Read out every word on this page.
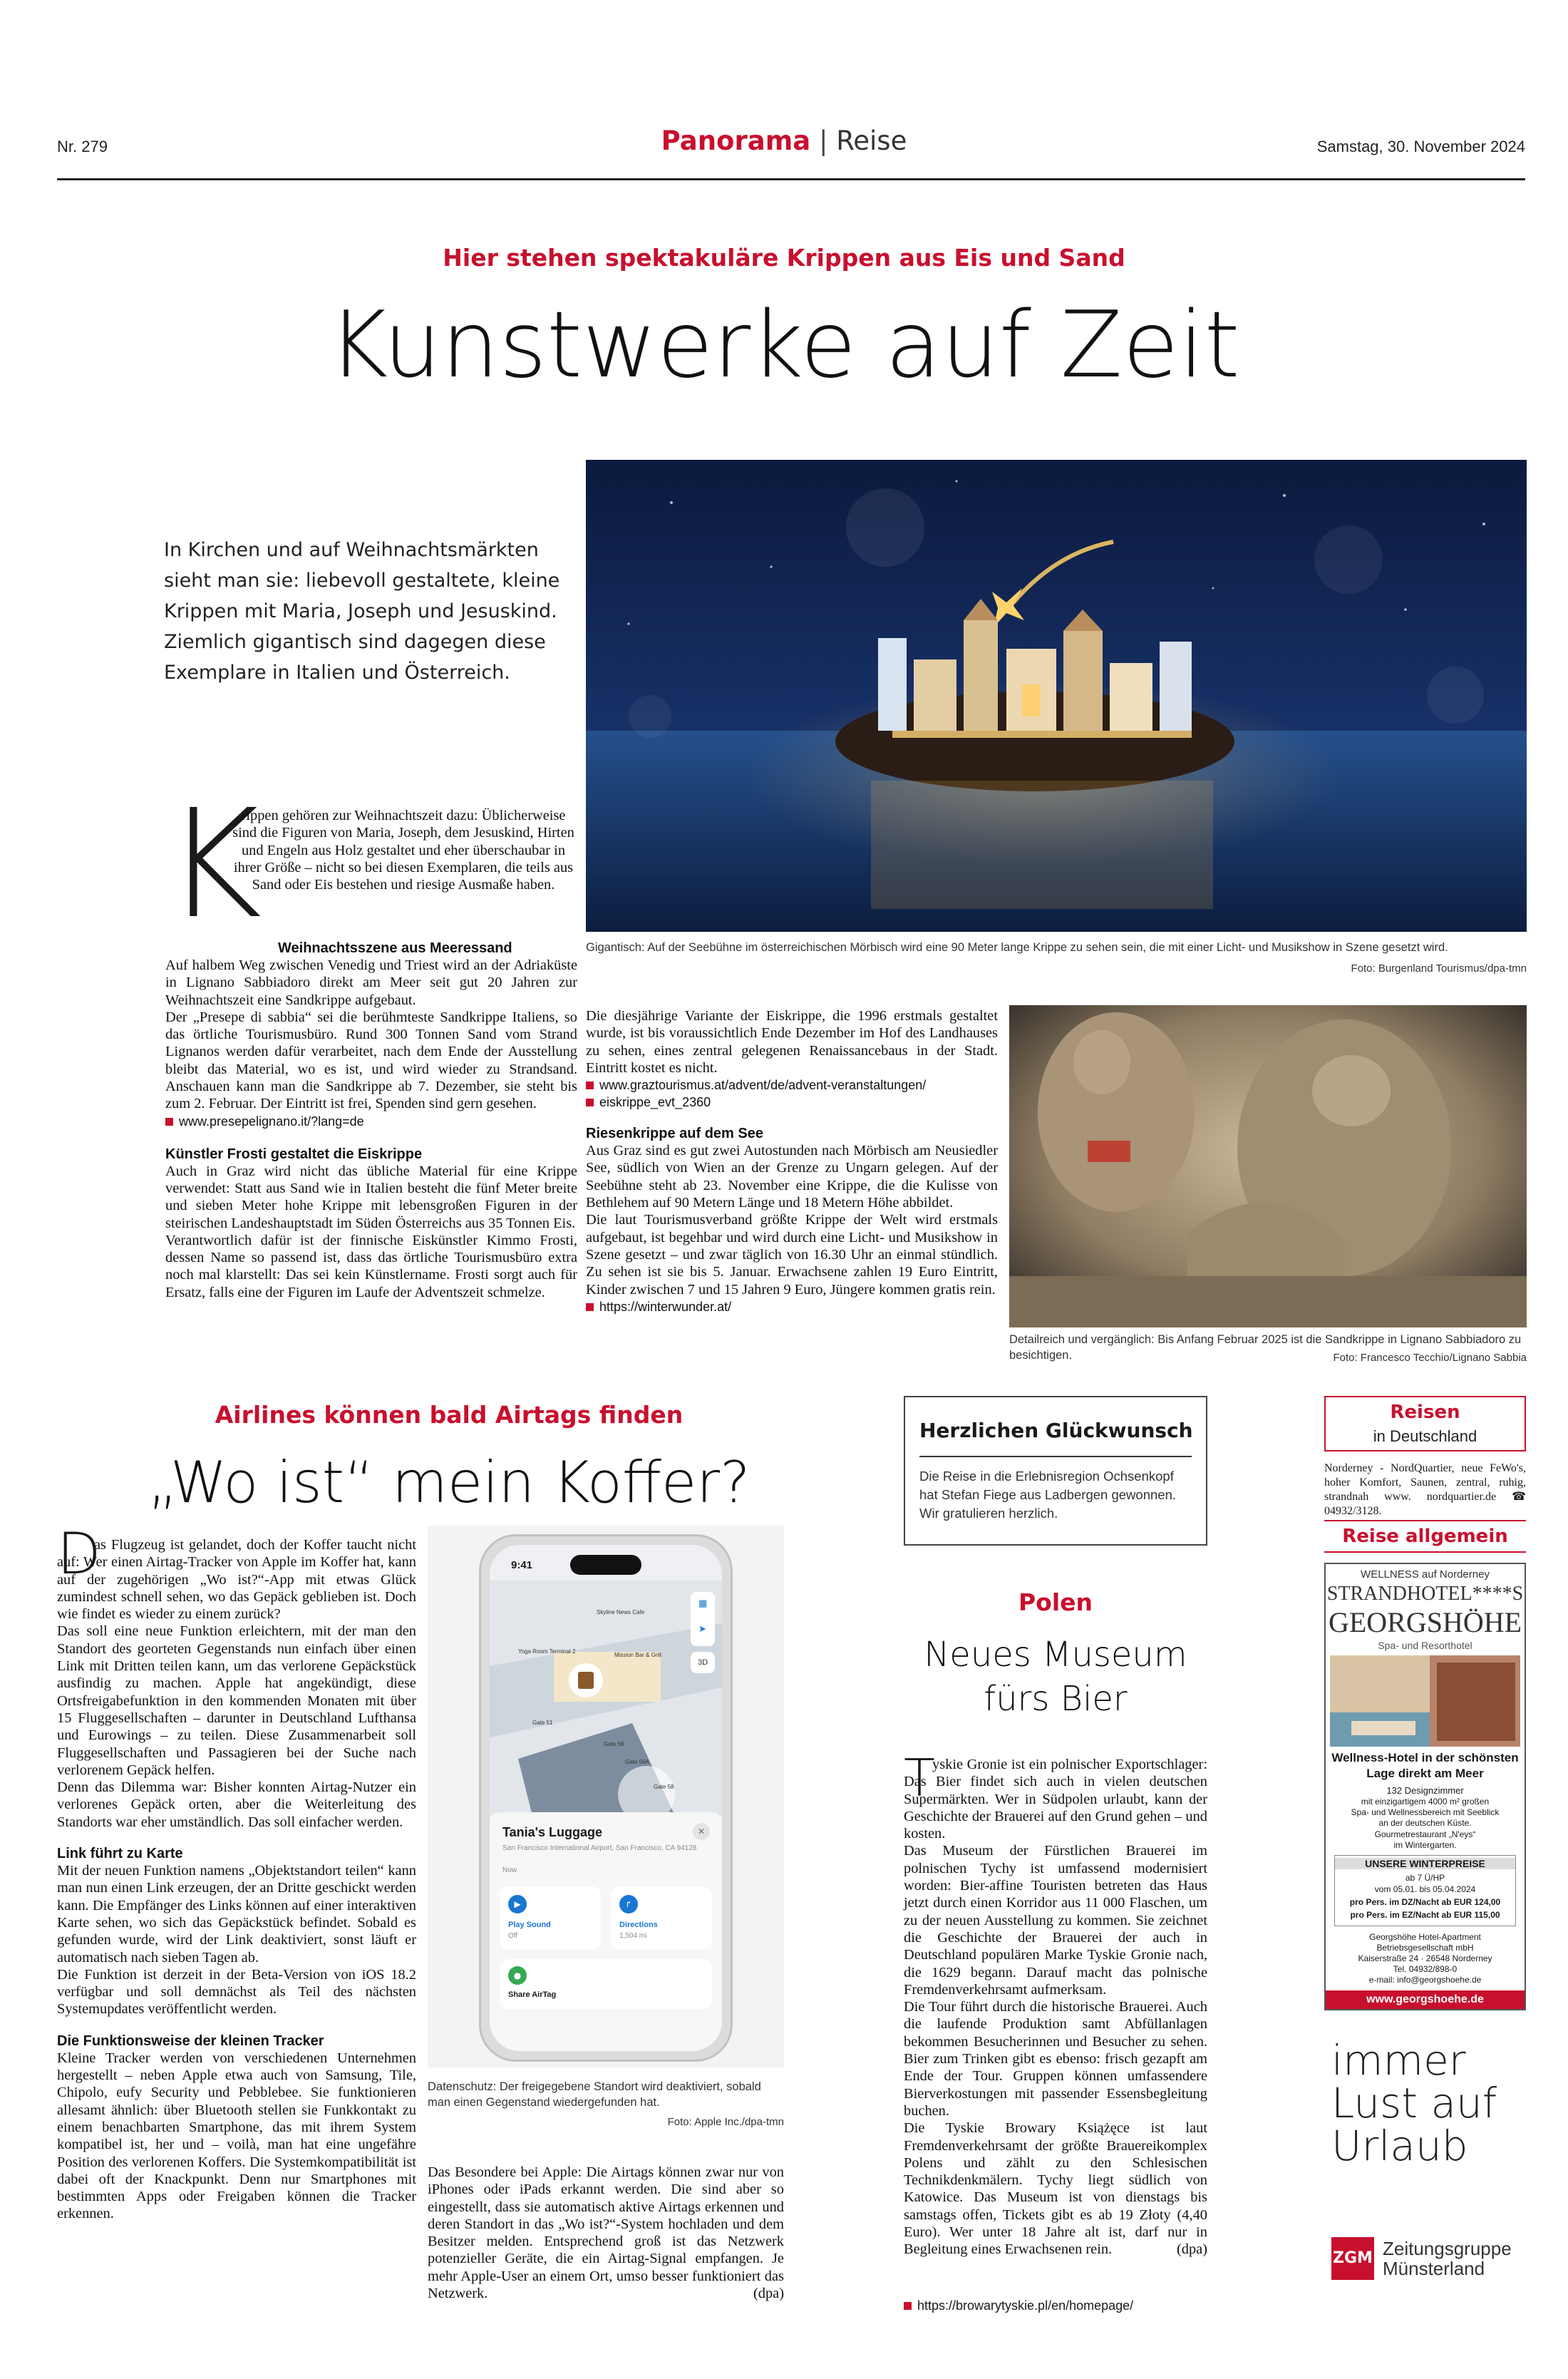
Nr. 279	Panorama | Reise	Samstag, 30. November 2024
Hier stehen spektakuläre Krippen aus Eis und Sand
Kunstwerke auf Zeit
In Kirchen und auf Weihnachtsmärkten sieht man sie: liebevoll gestaltete, kleine Krippen mit Maria, Joseph und Jesuskind. Ziemlich gigantisch sind dagegen diese Exemplare in Italien und Österreich.
K
rippen gehören zur Weihnachtszeit dazu: Üblicherweise sind die Figuren von Maria, Joseph, dem Jesuskind, Hirten und Engeln aus Holz gestaltet und eher überschaubar in ihrer Größe – nicht so bei diesen Exemplaren, die teils aus Sand oder Eis bestehen und riesige Ausmaße haben.
Weihnachtsszene aus Meeressand

Auf halbem Weg zwischen Venedig und Triest wird an der Adriaküste in Lignano Sabbiadoro direkt am Meer seit gut 20 Jahren zur Weihnachtszeit eine Sandkrippe aufgebaut.

Der „Presepe di sabbia“ sei die berühmteste Sandkrippe Italiens, so das örtliche Tourismusbüro. Rund 300 Tonnen Sand vom Strand Lignanos werden dafür verarbeitet, nach dem Ende der Ausstellung bleibt das Material, wo es ist, und wird wieder zu Strandsand. Anschauen kann man die Sandkrippe ab 7. Dezember, sie steht bis zum 2. Februar. Der Eintritt ist frei, Spenden sind gern gesehen.

www.presepelignano.it/?lang=de
Künstler Frosti gestaltet die Eiskrippe

Auch in Graz wird nicht das übliche Material für eine Krippe verwendet: Statt aus Sand wie in Italien besteht die fünf Meter breite und sieben Meter hohe Krippe mit lebensgroßen Figuren in der steirischen Landeshauptstadt im Süden Österreichs aus 35 Tonnen Eis.

Verantwortlich dafür ist der finnische Eiskünstler Kimmo Frosti, dessen Name so passend ist, dass das örtliche Tourismusbüro extra noch mal klarstellt: Das sei kein Künstlername. Frosti sorgt auch für Ersatz, falls eine der Figuren im Laufe der Adventszeit schmelze.

Gigantisch: Auf der Seebühne im österreichischen Mörbisch wird eine 90 Meter lange Krippe zu sehen sein, die mit einer Licht- und Musikshow in Szene gesetzt wird.
Foto: Burgenland Tourismus/dpa-tmn

Die diesjährige Variante der Eiskrippe, die 1996 erstmals gestaltet wurde, ist bis voraussichtlich Ende Dezember im Hof des Landhauses zu sehen, eines zentral gelegenen Renaissancebaus in der Stadt. Eintritt kostet es nicht.

www.graztourismus.at/advent/de/advent-veranstaltungen/
eiskrippe_evt_2360
Riesenkrippe auf dem See

Aus Graz sind es gut zwei Autostunden nach Mörbisch am Neusiedler See, südlich von Wien an der Grenze zu Ungarn gelegen. Auf der Seebühne steht ab 23. November eine Krippe, die die Kulisse von Bethlehem auf 90 Metern Länge und 18 Metern Höhe abbildet.

Die laut Tourismusverband größte Krippe der Welt wird erstmals aufgebaut, ist begehbar und wird durch eine Licht- und Musikshow in Szene gesetzt – und zwar täglich von 16.30 Uhr an einmal stündlich. Zu sehen ist sie bis 5. Januar. Erwachsene zahlen 19 Euro Eintritt, Kinder zwischen 7 und 15 Jahren 9 Euro, Jüngere kommen gratis rein.

https://winterwunder.at/
Detailreich und vergänglich: Bis Anfang Februar 2025 ist die Sandkrippe in Lignano Sabbiadoro zu besichtigen.	Foto: Francesco Tecchio/Lignano Sabbia
Airlines können bald Airtags finden
„Wo ist“ mein Koffer?
D

as Flugzeug ist gelandet, doch der Koffer taucht nicht auf: Wer einen Airtag-Tracker von Apple im Koffer hat, kann auf der zugehörigen „Wo ist?“-App mit etwas Glück zumindest schnell sehen, wo das Gepäck geblieben ist. Doch wie findet es wieder zu einem zurück?

Das soll eine neue Funktion erleichtern, mit der man den Standort des georteten Gegenstands nun einfach über einen Link mit Dritten teilen kann, um das verlorene Gepäckstück ausfindig zu machen. Apple hat angekündigt, diese Ortsfreigabefunktion in den kommenden Monaten mit über 15 Fluggesellschaften – darunter in Deutschland Lufthansa und Eurowings – zu teilen. Diese Zusammenarbeit soll Fluggesellschaften und Passagieren bei der Suche nach verlorenem Gepäck helfen.

Denn das Dilemma war: Bisher konnten Airtag-Nutzer ein verlorenes Gepäck orten, aber die Weiterleitung des Standorts war eher umständlich. Das soll einfacher werden.

Link führt zu Karte

Mit der neuen Funktion namens „Objektstandort teilen“ kann man nun einen Link erzeugen, der an Dritte geschickt werden kann. Die Empfänger des Links können auf einer interaktiven Karte sehen, wo sich das Gepäckstück befindet. Sobald es gefunden wurde, wird der Link deaktiviert, sonst läuft er automatisch nach sieben Tagen ab.

Die Funktion ist derzeit in der Beta-Version von iOS 18.2 verfügbar und soll demnächst als Teil des nächsten Systemupdates veröffentlicht werden.

Die Funktionsweise der kleinen Tracker

Kleine Tracker werden von verschiedenen Unternehmen hergestellt – neben Apple etwa auch von Samsung, Tile, Chipolo, eufy Security und Pebblebee. Sie funktionieren allesamt ähnlich: über Bluetooth stellen sie Funkkontakt zu einem benachbarten Smartphone, das mit ihrem System kompatibel ist, her und – voilà, man hat eine ungefähre Position des verlorenen Koffers. Die Systemkompatibilität ist dabei oft der Knackpunkt. Denn nur Smartphones mit bestimmten Apps oder Freigaben können die Tracker erkennen.

9:41
Skyline News Cafe
Yoga Room Terminal 2
Mission Bar & Grill
Gate 51
Gate 56
Gate 56A
Gate 58
▦
➤
3D
Tania's Luggage	✕
San Francisco International Airport, San Francisco, CA 94128
Now
▶
Play Sound
Off
↱
Directions
1,504 mi
●
Share AirTag
Datenschutz: Der freigegebene Standort wird deaktiviert, sobald man einen Gegenstand wiedergefunden hat.
Foto: Apple Inc./dpa-tmn

Das Besondere bei Apple: Die Airtags können zwar nur von iPhones oder iPads erkannt werden. Die sind aber so eingestellt, dass sie automatisch aktive Airtags erkennen und deren Standort in das „Wo ist?“-System hochladen und dem Besitzer melden. Entsprechend groß ist das Netzwerk potenzieller Geräte, die ein Airtag-Signal empfangen. Je mehr Apple-User an einem Ort, umso besser funktioniert das Netzwerk.	(dpa)

Herzlichen Glückwunsch
Die Reise in die Erlebnisregion Ochsenkopf hat Stefan Fiege aus Ladbergen gewonnen. Wir gratulieren herzlich.
Polen
Neues Museum
fürs Bier
T

yskie Gronie ist ein polnischer Exportschlager: Das Bier findet sich auch in vielen deutschen Supermärkten. Wer in Südpolen urlaubt, kann der Geschichte der Brauerei auf den Grund gehen – und kosten.

Das Museum der Fürstlichen Brauerei im polnischen Tychy ist umfassend modernisiert worden: Bier-affine Touristen betreten das Haus jetzt durch einen Korridor aus 11 000 Flaschen, um zu der neuen Ausstellung zu kommen. Sie zeichnet die Geschichte der Brauerei der auch in Deutschland populären Marke Tyskie Gronie nach, die 1629 begann. Darauf macht das polnische Fremdenverkehrsamt aufmerksam.

Die Tour führt durch die historische Brauerei. Auch die laufende Produktion samt Abfüllanlagen bekommen Besucherinnen und Besucher zu sehen. Bier zum Trinken gibt es ebenso: frisch gezapft am Ende der Tour. Gruppen können umfassendere Bierverkostungen mit passender Essensbegleitung buchen.

Die Tyskie Browary Książęce ist laut Fremdenverkehrsamt der größte Brauereikomplex Polens und zählt zu den Schlesischen Technikdenkmälern. Tychy liegt südlich von Katowice. Das Museum ist von dienstags bis samstags offen, Tickets gibt es ab 19 Złoty (4,40 Euro). Wer unter 18 Jahre alt ist, darf nur in Begleitung eines Erwachsenen rein.	(dpa)

https://browarytyskie.pl/en/homepage/
Reisen
in Deutschland
Norderney - NordQuartier, neue FeWo's, hoher Komfort, Saunen, zentral, ruhig, strandnah www. nordquartier.de ☎ 04932/3128.
Reise allgemein
WELLNESS auf Norderney
STRANDHOTEL****S
GEORGSHÖHE
Spa- und Resorthotel
Wellness-Hotel in der schönsten
Lage direkt am Meer
132 Designzimmer
mit einzigartigem 4000 m² großen
Spa- und Wellnessbereich mit Seeblick
an der deutschen Küste.
Gourmetrestaurant „N'eys“
im Wintergarten.
UNSERE WINTERPREISE
ab 7 Ü/HP
vom 05.01. bis 05.04.2024
pro Pers. im DZ/Nacht ab EUR 124,00
pro Pers. im EZ/Nacht ab EUR 115,00
Georgshöhe Hotel-Apartment
Betriebsgesellschaft mbH
Kaiserstraße 24 · 26548 Norderney
Tel. 04932/898-0
e-mail: info@georgshoehe.de
www.georgshoehe.de
immer
Lust auf
Urlaub
ZGM Zeitungsgruppe
Münsterland
